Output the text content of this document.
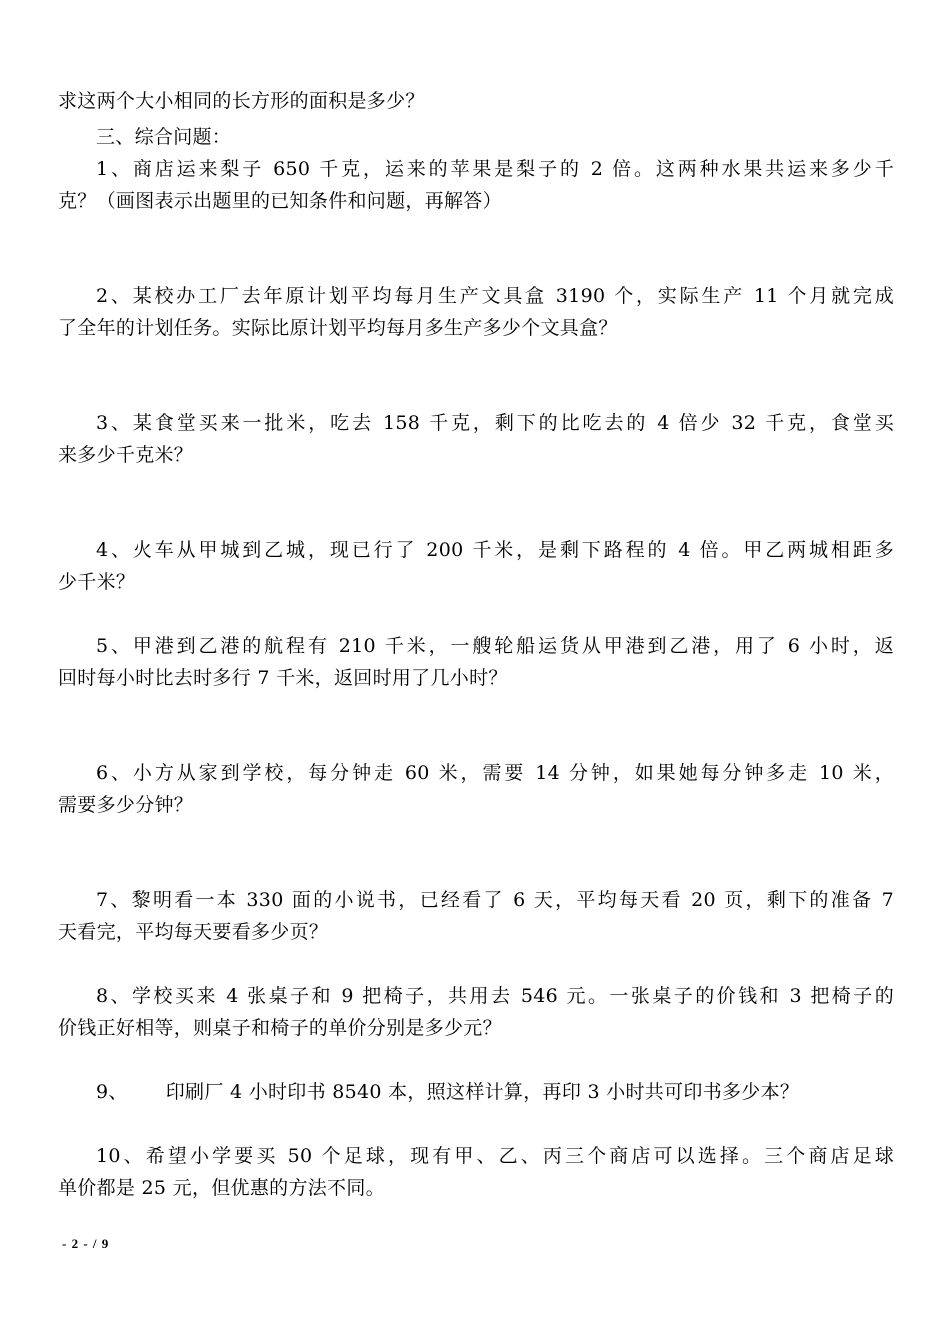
求这两个大小相同的长方形的面积是多少？
三、综合问题：
1、商店运来梨子 650 千克，运来的苹果是梨子的 2 倍。这两种水果共运来多少千
克？（画图表示出题里的已知条件和问题，再解答）
2、某校办工厂去年原计划平均每月生产文具盒 3190 个，实际生产 11 个月就完成
了全年的计划任务。实际比原计划平均每月多生产多少个文具盒？
3、某食堂买来一批米，吃去 158 千克，剩下的比吃去的 4 倍少 32 千克，食堂买
来多少千克米？
4、火车从甲城到乙城，现已行了 200 千米，是剩下路程的 4 倍。甲乙两城相距多
少千米？
5、甲港到乙港的航程有 210 千米，一艘轮船运货从甲港到乙港，用了 6 小时，返
回时每小时比去时多行 7 千米，返回时用了几小时？
6、小方从家到学校，每分钟走 60 米，需要 14 分钟，如果她每分钟多走 10 米，
需要多少分钟？
7、黎明看一本 330 面的小说书，已经看了 6 天，平均每天看 20 页，剩下的准备 7
天看完，平均每天要看多少页？
8、学校买来 4 张桌子和 9 把椅子，共用去 546 元。一张桌子的价钱和 3 把椅子的
价钱正好相等，则桌子和椅子的单价分别是多少元？
9、      印刷厂 4 小时印书 8540 本，照这样计算，再印 3 小时共可印书多少本？
10、希望小学要买 50 个足球，现有甲、乙、丙三个商店可以选择。三个商店足球
单价都是 25 元，但优惠的方法不同。
- 2 - / 9
